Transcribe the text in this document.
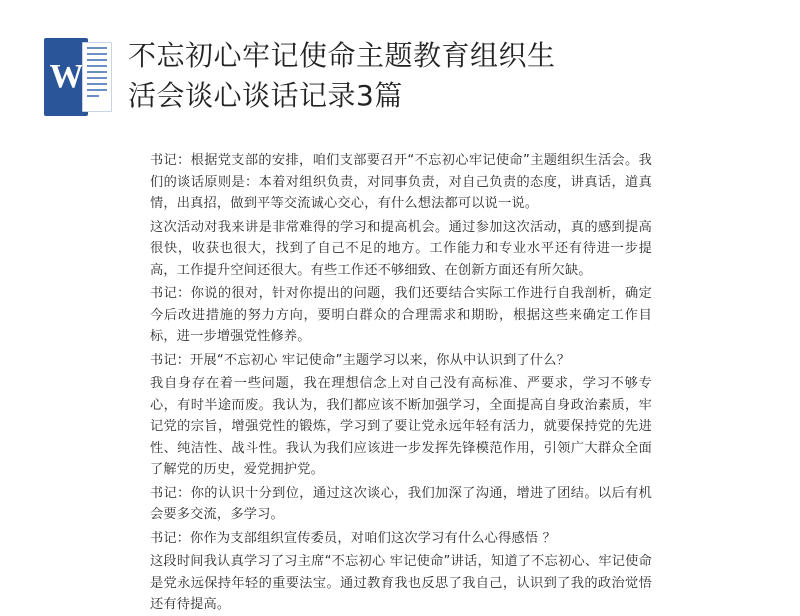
W
不忘初心牢记使命主题教育组织生活会谈心谈话记录3篇

书记：根据党支部的安排，咱们支部要召开“不忘初心牢记使命”主题组织生活会。我们的谈话原则是：本着对组织负责，对同事负责，对自己负责的态度，讲真话，道真情，出真招，做到平等交流诚心交心，有什么想法都可以说一说。

这次活动对我来讲是非常难得的学习和提高机会。通过参加这次活动，真的感到提高很快，收获也很大，找到了自己不足的地方。工作能力和专业水平还有待进一步提高，工作提升空间还很大。有些工作还不够细致、在创新方面还有所欠缺。

书记：你说的很对，针对你提出的问题，我们还要结合实际工作进行自我剖析，确定今后改进措施的努力方向，要明白群众的合理需求和期盼，根据这些来确定工作目标，进一步增强党性修养。

书记：开展“不忘初心 牢记使命”主题学习以来，你从中认识到了什么？

我自身存在着一些问题，我在理想信念上对自己没有高标准、严要求，学习不够专心，有时半途而废。我认为，我们都应该不断加强学习，全面提高自身政治素质，牢记党的宗旨，增强党性的锻炼，学习到了要让党永远年轻有活力，就要保持党的先进性、纯洁性、战斗性。我认为我们应该进一步发挥先锋模范作用，引领广大群众全面了解党的历史，爱党拥护党。

书记：你的认识十分到位，通过这次谈心，我们加深了沟通，增进了团结。以后有机会要多交流，多学习。

书记：你作为支部组织宣传委员，对咱们这次学习有什么心得感悟 ？

这段时间我认真学习了习主席“不忘初心 牢记使命”讲话，知道了不忘初心、牢记使命是党永远保持年轻的重要法宝。通过教育我也反思了我自己，认识到了我的政治觉悟还有待提高。
